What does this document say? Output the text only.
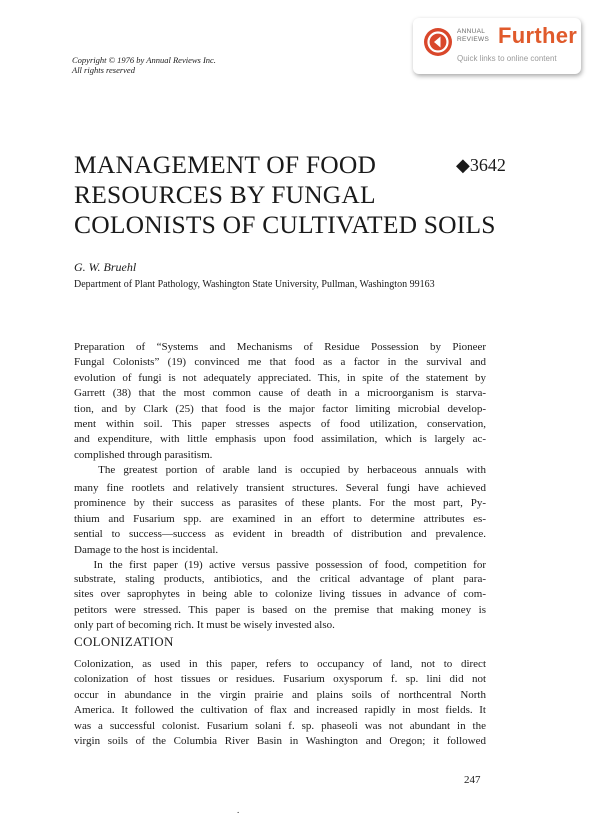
Copyright © 1976 by Annual Reviews Inc.
All rights reserved
ANNUAL
REVIEWS Further
Quick links to online content
MANAGEMENT OF FOOD
RESOURCES BY FUNGAL
COLONISTS OF CULTIVATED SOILS
◆3642
G. W. Bruehl
Department of Plant Pathology, Washington State University, Pullman, Washington 99163
Preparation of “Systems and Mechanisms of Residue Possession by Pioneer
Fungal Colonists” (19) convinced me that food as a factor in the survival and
evolution of fungi is not adequately appreciated. This, in spite of the statement by
Garrett (38) that the most common cause of death in a microorganism is starva-
tion, and by Clark (25) that food is the major factor limiting microbial develop-
ment within soil. This paper stresses aspects of food utilization, conservation,
and expenditure, with little emphasis upon food assimilation, which is largely ac-
complished through parasitism.
The greatest portion of arable land is occupied by herbaceous annuals with
many fine rootlets and relatively transient structures. Several fungi have achieved
prominence by their success as parasites of these plants. For the most part, Py-
thium and Fusarium spp. are examined in an effort to determine attributes es-
sential to success—success as evident in breadth of distribution and prevalence.
Damage to the host is incidental.
In the first paper (19) active versus passive possession of food, competition for
substrate, staling products, antibiotics, and the critical advantage of plant para-
sites over saprophytes in being able to colonize living tissues in advance of com-
petitors were stressed. This paper is based on the premise that making money is
only part of becoming rich. It must be wisely invested also.
COLONIZATION
Colonization, as used in this paper, refers to occupancy of land, not to direct
colonization of host tissues or residues. Fusarium oxysporum f. sp. lini did not
occur in abundance in the virgin prairie and plains soils of northcentral North
America. It followed the cultivation of flax and increased rapidly in most fields. It
was a successful colonist. Fusarium solani f. sp. phaseoli was not abundant in the
virgin soils of the Columbia River Basin in Washington and Oregon; it followed
247
.
